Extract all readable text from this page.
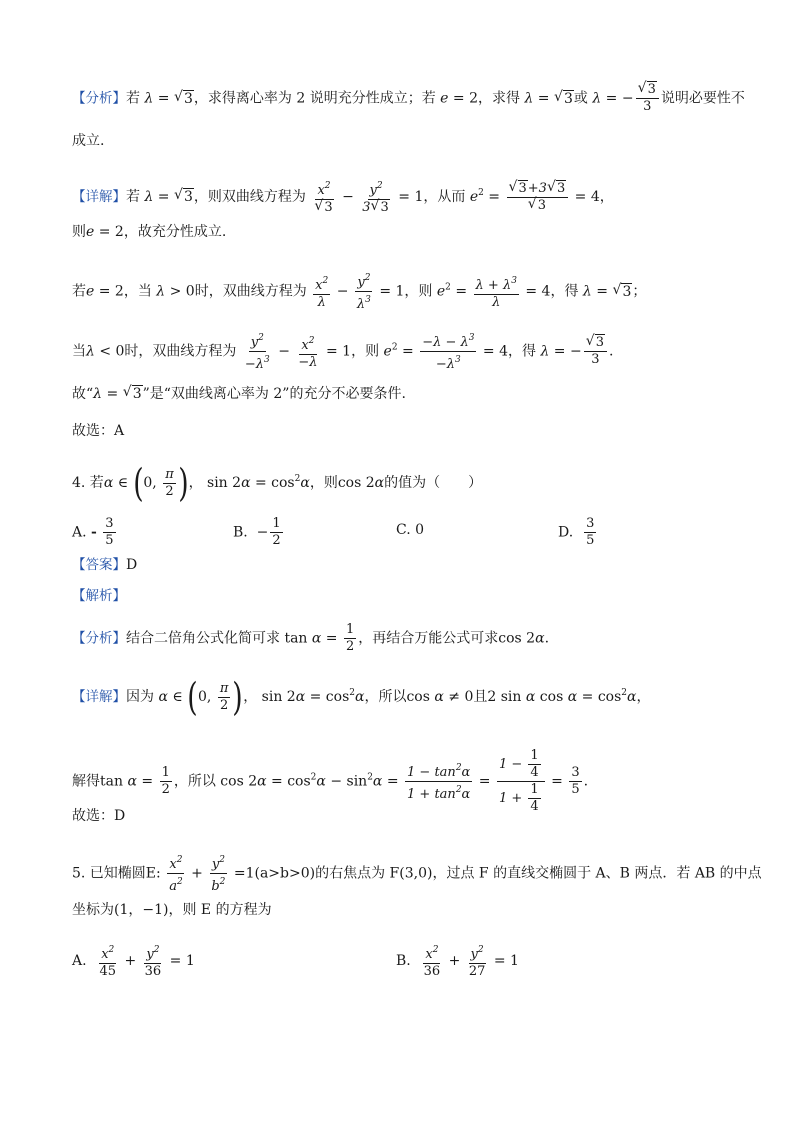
【分析】若 λ = √ 3，求得离心率为 2 说明充分性成立；若 e = 2，求得 λ = √ 3或 λ = − √ $\frac{3}{3}$ 说明必要性不
成立.
【详解】若 λ = √ 3，则双曲线方程为 $x^2$
√ $3 - \frac{y^2}{3 √ 3} = 1$，从而 $e^2$ = √ 3+3 √ 3
√ 3 = 4，
则e = 2，故充分性成立.
若e = 2，当 λ > 0时，双曲线方程为 $\frac{x^2}{\lambda} - \frac{y^2}{\lambda^3} = 1$，则 $e^2 = \frac{\lambda + \lambda^3}{\lambda} = 4$，得 λ = √ 3；
当λ < 0时，双曲线方程为 $\frac{y^2}{-\lambda^3} - \frac{x^2}{-\lambda} = 1$，则 $e^2 = \frac{-\lambda - \lambda^3}{-\lambda^3} = 4$，得 λ = − √ $\frac{3}{3}$ .
故“λ = √ 3”是“双曲线离心率为 2”的充分不必要条件.
故选：A
4. 若α ∈ (0, $\frac{\pi}{2}$ )， $\sin 2\alpha = \cos^2\alpha$，则cos 2α的值为（　　）
A. - $\frac{3}{5}$	B.  − $\frac{1}{2}$	C. 0	D. $\frac{3}{5}$
【答案】D
【解析】
【分析】结合二倍角公式化简可求 $\tan \alpha = \frac{1}{2}$ ，再结合万能公式可求cos 2α.
【详解】因为 α ∈ (0, $\frac{\pi}{2}$ )， $\sin 2\alpha = \cos^2\alpha$，所以cos α ≠ 0且2 sin α $\cos \alpha = \cos^2\alpha$，
解得$\tan \alpha = \frac{1}{2}$ ，所以 $\cos 2\alpha = \cos^2\alpha - \sin^2\alpha = \frac{1 - \tan^2\alpha}{1 + \tan^2\alpha} = \frac{1 - \frac{1}{4}}{1 + \frac{1}{4}} = \frac{3}{5}$ .
故选：D
5. 已知椭圆E: $\frac{x^2}{a^2} + \frac{y^2}{b^2} =1(a>b>0)$的右焦点为 F(3,0)，过点 F 的直线交椭圆于 A、B 两点．若 AB 的中点
坐标为(1，−1)，则 E 的方程为
A. $\frac{x^2}{45} + \frac{y^2}{36} = 1$	B. $\frac{x^2}{36} + \frac{y^2}{27} = 1$
